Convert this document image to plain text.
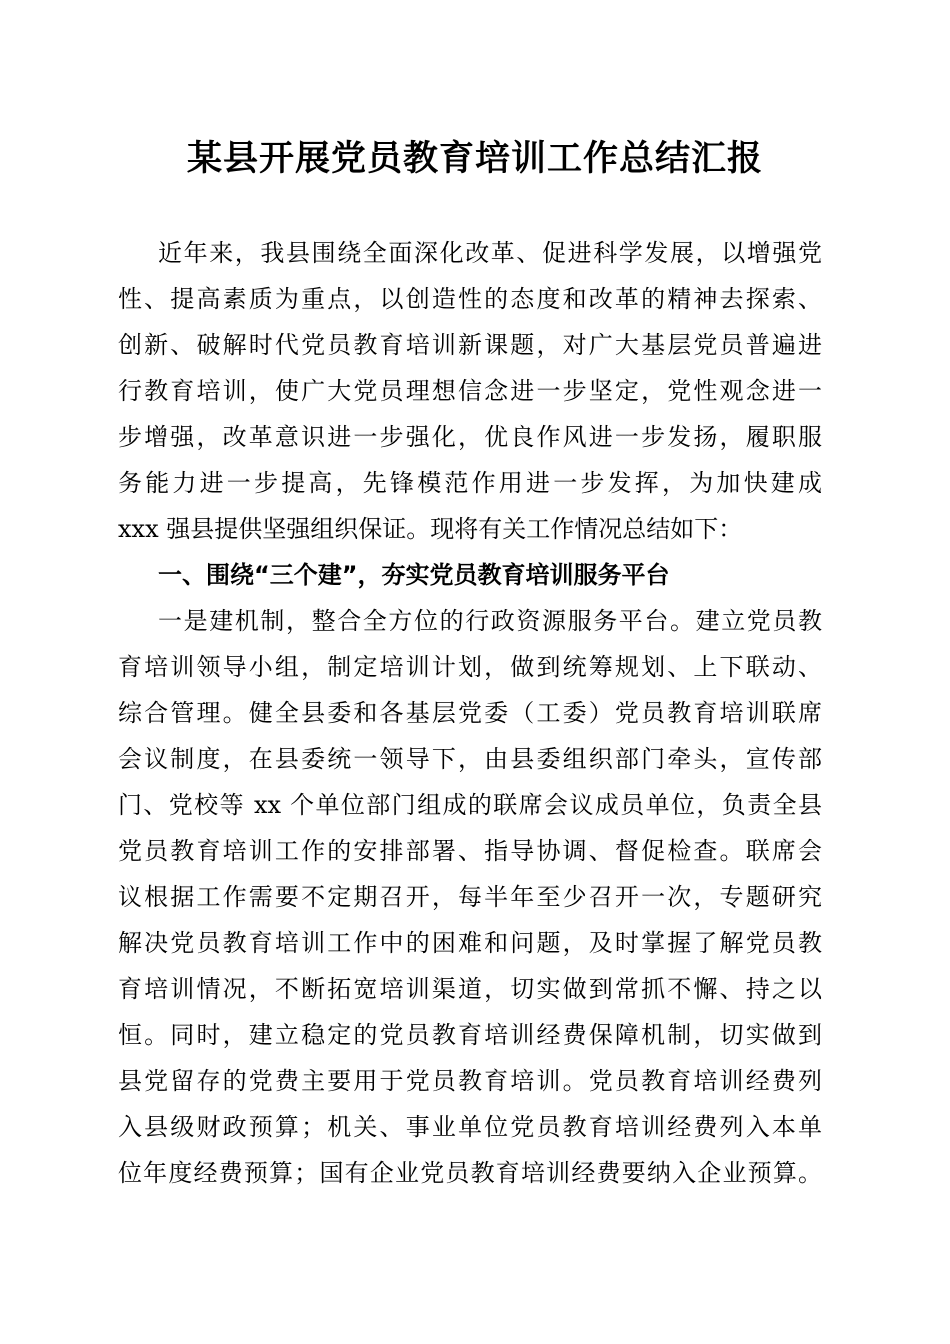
某县开展党员教育培训工作总结汇报

近年来，我县围绕全面深化改革、促进科学发展，以增强党

性、提高素质为重点，以创造性的态度和改革的精神去探索、

创新、破解时代党员教育培训新课题，对广大基层党员普遍进

行教育培训，使广大党员理想信念进一步坚定，党性观念进一

步增强，改革意识进一步强化，优良作风进一步发扬，履职服

务能力进一步提高，先锋模范作用进一步发挥，为加快建成

xxx 强县提供坚强组织保证。现将有关工作情况总结如下：

一、围绕“三个建”，夯实党员教育培训服务平台

一是建机制，整合全方位的行政资源服务平台。建立党员教

育培训领导小组，制定培训计划，做到统筹规划、上下联动、

综合管理。健全县委和各基层党委（工委）党员教育培训联席

会议制度，在县委统一领导下，由县委组织部门牵头，宣传部

门、党校等 xx 个单位部门组成的联席会议成员单位，负责全县

党员教育培训工作的安排部署、指导协调、督促检查。联席会

议根据工作需要不定期召开，每半年至少召开一次，专题研究

解决党员教育培训工作中的困难和问题，及时掌握了解党员教

育培训情况，不断拓宽培训渠道，切实做到常抓不懈、持之以

恒。同时，建立稳定的党员教育培训经费保障机制，切实做到

县党留存的党费主要用于党员教育培训。党员教育培训经费列

入县级财政预算；机关、事业单位党员教育培训经费列入本单

位年度经费预算；国有企业党员教育培训经费要纳入企业预算。
